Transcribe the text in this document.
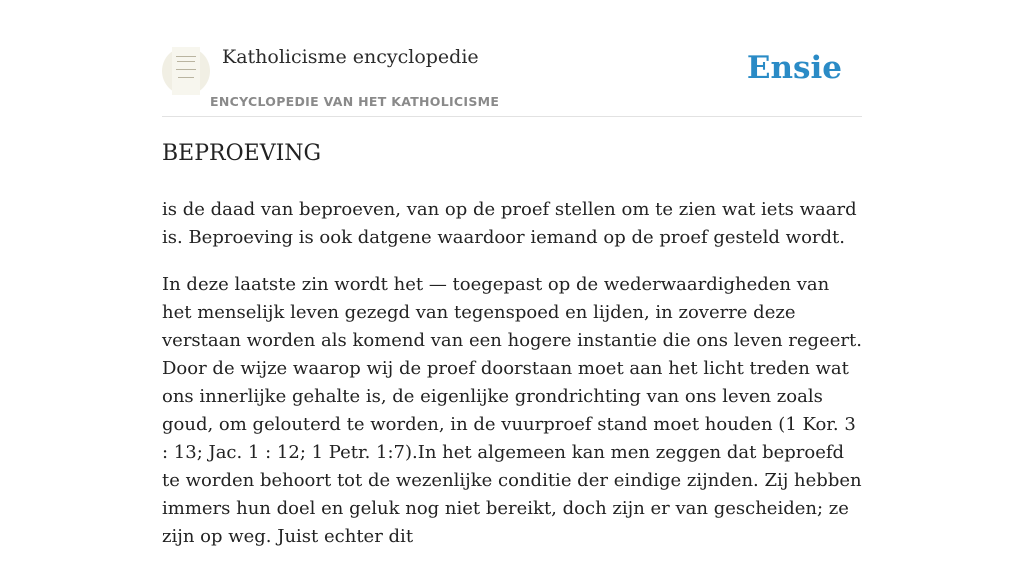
Katholicisme encyclopedie
ENCYCLOPEDIE VAN HET KATHOLICISME
Ensie
BEPROEVING

is de daad van beproeven, van op de proef stellen om te zien wat iets waard is. Beproeving is ook datgene waardoor iemand op de proef gesteld wordt.

In deze laatste zin wordt het — toegepast op de wederwaardigheden van het menselijk leven gezegd van tegenspoed en lijden, in zoverre deze verstaan worden als komend van een hogere instantie die ons leven regeert. Door de wijze waarop wij de proef doorstaan moet aan het licht treden wat ons innerlijke gehalte is, de eigenlijke grondrichting van ons leven zoals goud, om gelouterd te worden, in de vuurproef stand moet houden (1 Kor. 3 : 13; Jac. 1 : 12; 1 Petr. 1:7).In het algemeen kan men zeggen dat beproefd te worden behoort tot de wezenlijke conditie der eindige zijnden. Zij hebben immers hun doel en geluk nog niet bereikt, doch zijn er van gescheiden; ze zijn op weg. Juist echter dit
